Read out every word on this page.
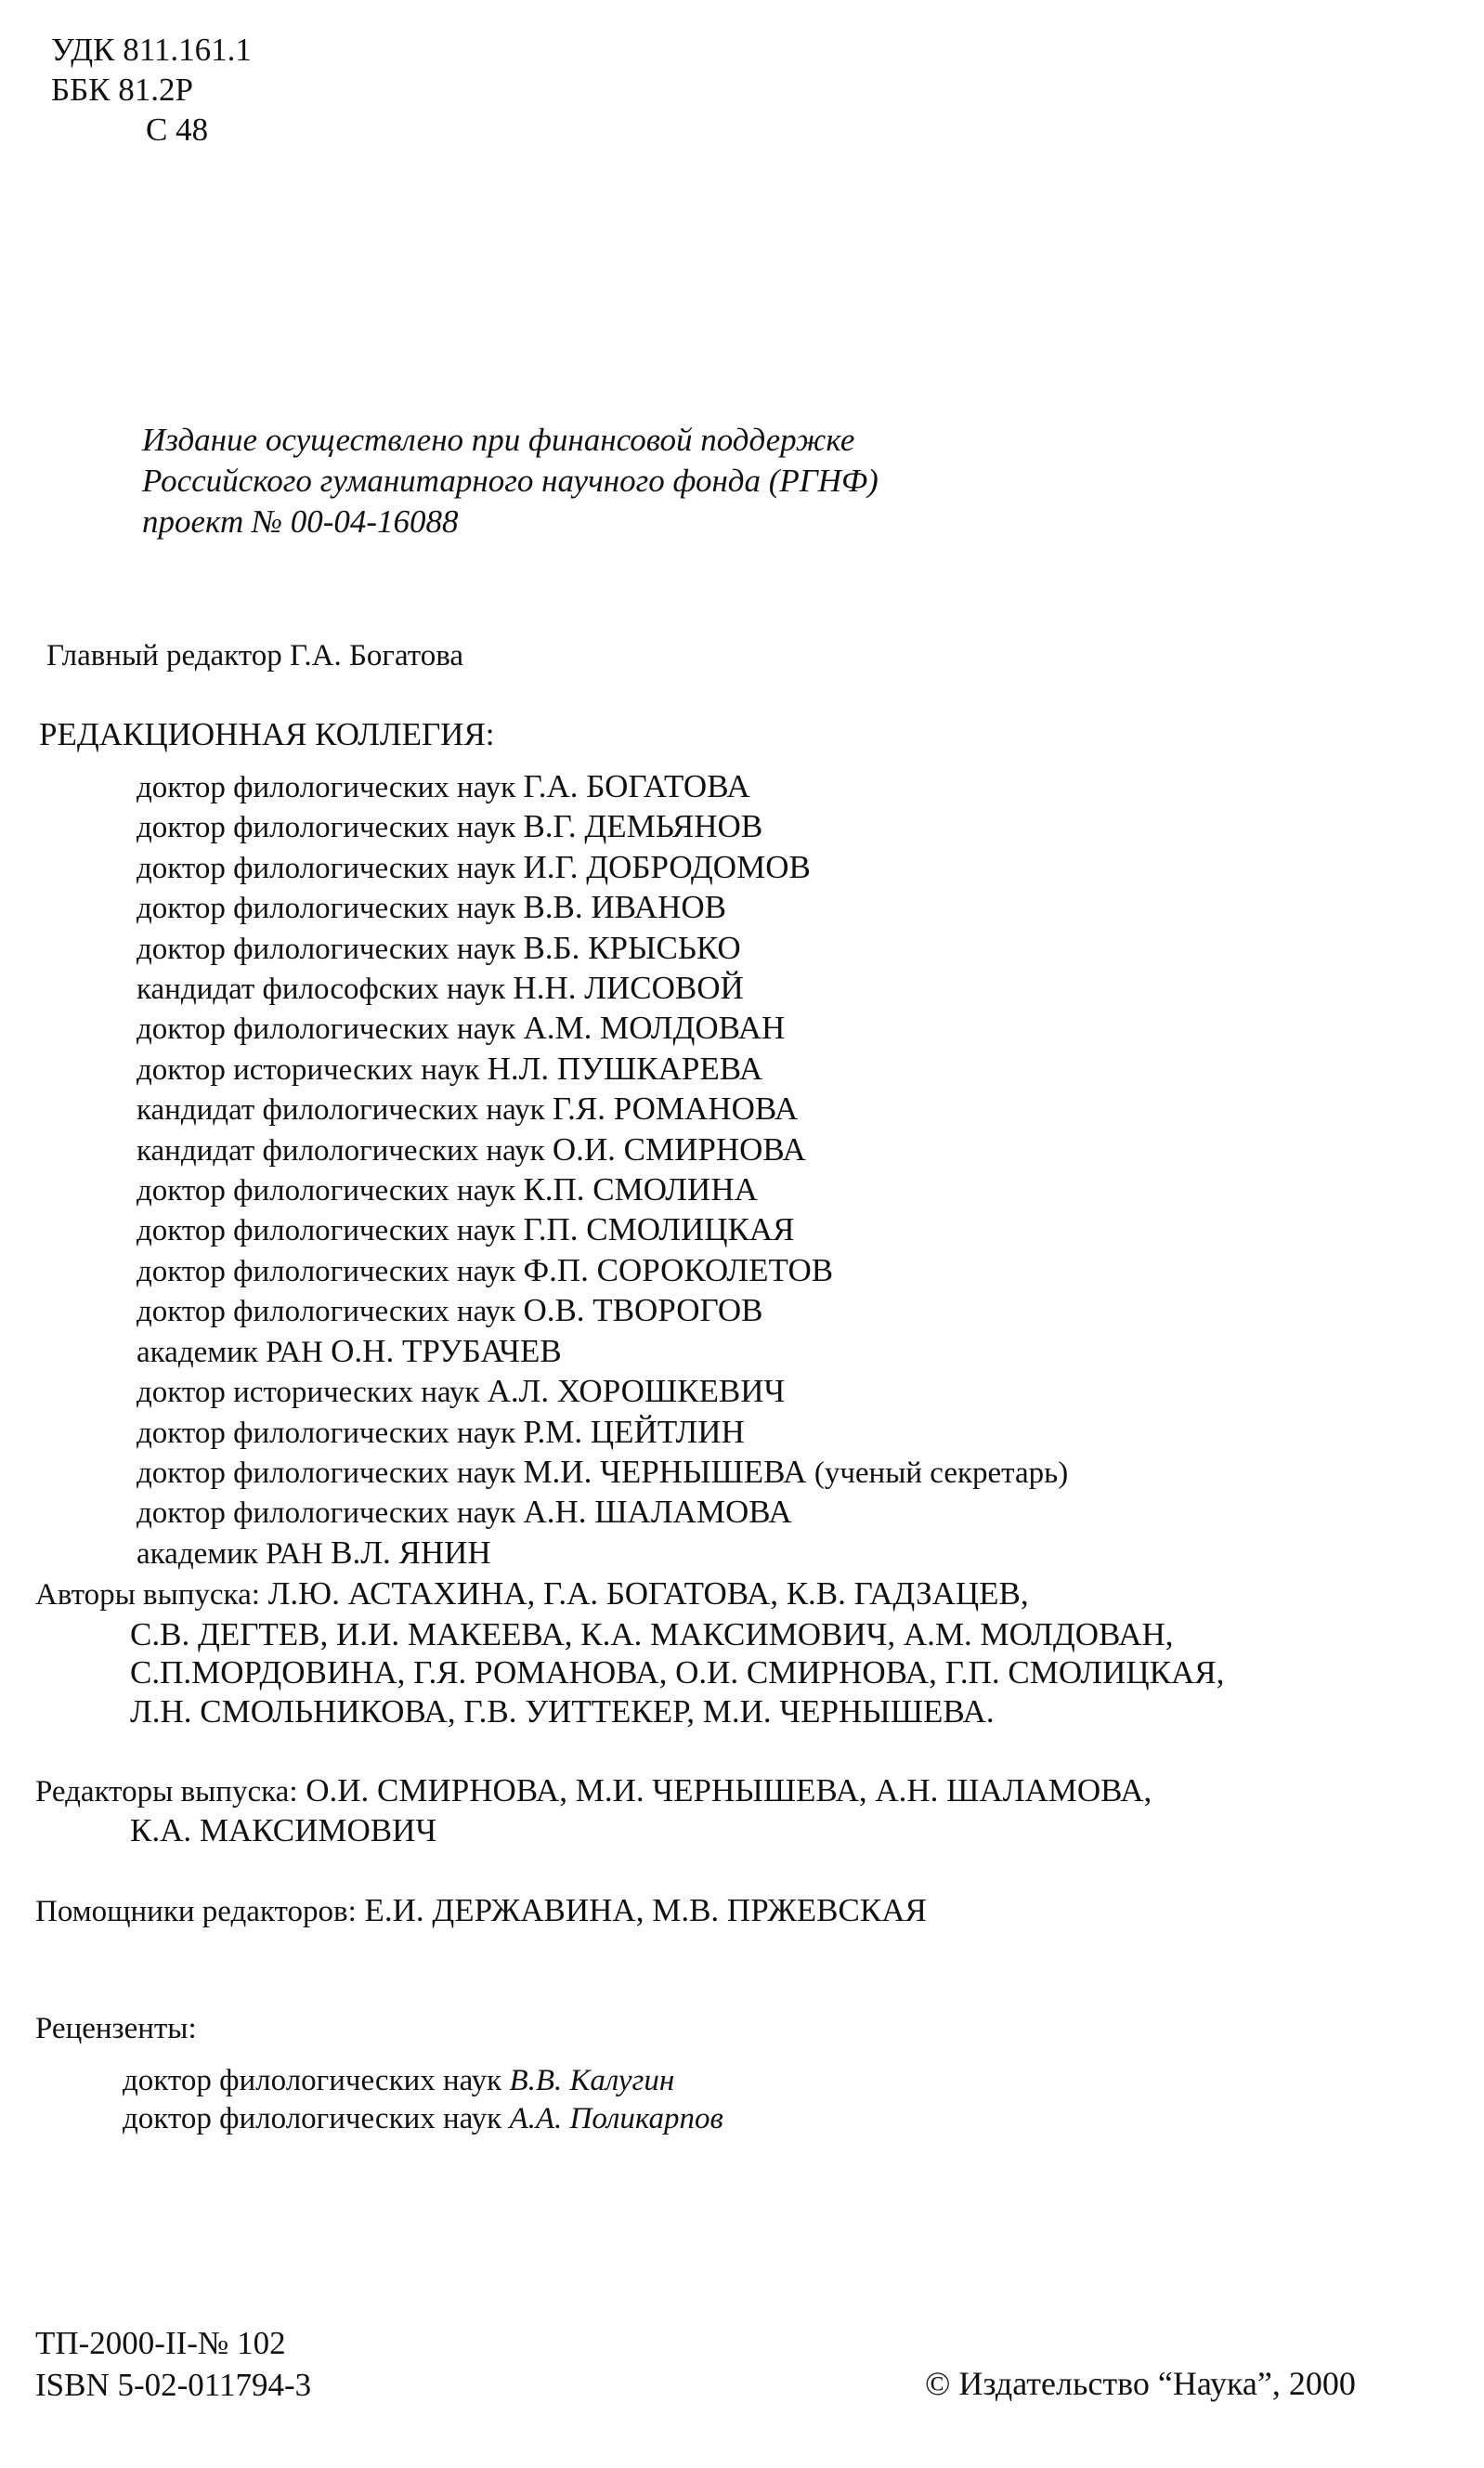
УДК 811.161.1
ББК 81.2Р
С 48
Издание осуществлено при финансовой поддержке
Российского гуманитарного научного фонда (РГНФ)
проект № 00-04-16088
Главный редактор Г.А. Богатова
РЕДАКЦИОННАЯ КОЛЛЕГИЯ:
доктор филологических наук Г.А. БОГАТОВА
доктор филологических наук В.Г. ДЕМЬЯНОВ
доктор филологических наук И.Г. ДОБРОДОМОВ
доктор филологических наук В.В. ИВАНОВ
доктор филологических наук В.Б. КРЫСЬКО
кандидат философских наук Н.Н. ЛИСОВОЙ
доктор филологических наук А.М. МОЛДОВАН
доктор исторических наук Н.Л. ПУШКАРЕВА
кандидат филологических наук Г.Я. РОМАНОВА
кандидат филологических наук О.И. СМИРНОВА
доктор филологических наук К.П. СМОЛИНА
доктор филологических наук Г.П. СМОЛИЦКАЯ
доктор филологических наук Ф.П. СОРОКОЛЕТОВ
доктор филологических наук О.В. ТВОРОГОВ
академик РАН О.Н. ТРУБАЧЕВ
доктор исторических наук А.Л. ХОРОШКЕВИЧ
доктор филологических наук Р.М. ЦЕЙТЛИН
доктор филологических наук М.И. ЧЕРНЫШЕВА (ученый секретарь)
доктор филологических наук А.Н. ШАЛАМОВА
академик РАН В.Л. ЯНИН
Авторы выпуска: Л.Ю. АСТАХИНА, Г.А. БОГАТОВА, К.В. ГАДЗАЦЕВ,
С.В. ДЕГТЕВ, И.И. МАКЕЕВА, К.А. МАКСИМОВИЧ, А.М. МОЛДОВАН,
С.П.МОРДОВИНА, Г.Я. РОМАНОВА, О.И. СМИРНОВА, Г.П. СМОЛИЦКАЯ,
Л.Н. СМОЛЬНИКОВА, Г.В. УИТТЕКЕР, М.И. ЧЕРНЫШЕВА.
Редакторы выпуска: О.И. СМИРНОВА, М.И. ЧЕРНЫШЕВА, А.Н. ШАЛАМОВА,
К.А. МАКСИМОВИЧ
Помощники редакторов: Е.И. ДЕРЖАВИНА, М.В. ПРЖЕВСКАЯ
Рецензенты:
доктор филологических наук В.В. Калугин
доктор филологических наук А.А. Поликарпов
ТП-2000-II-№ 102
ISBN 5-02-011794-3	© Издательство “Наука”, 2000
